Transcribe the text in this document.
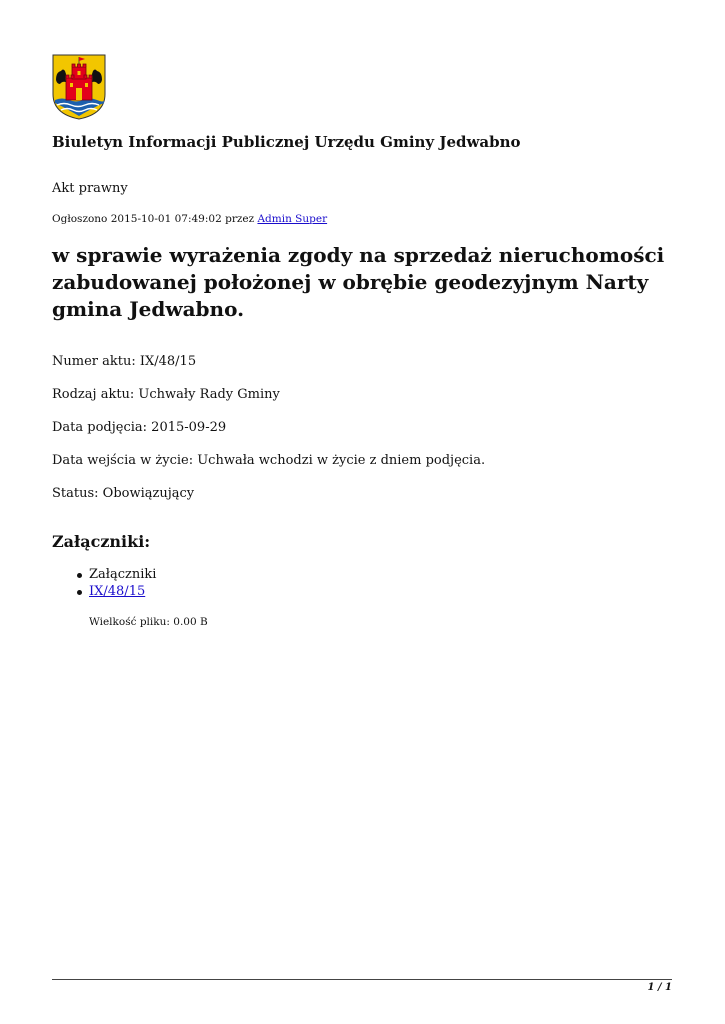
Biuletyn Informacji Publicznej Urzędu Gminy Jedwabno
Akt prawny
Ogłoszono 2015-10-01 07:49:02 przez Admin Super
w sprawie wyrażenia zgody na sprzedaż nieruchomości zabudowanej położonej w obrębie geodezyjnym Narty gmina Jedwabno.
Numer aktu: IX/48/15
Rodzaj aktu: Uchwały Rady Gminy
Data podjęcia: 2015-09-29
Data wejścia w życie: Uchwała wchodzi w życie z dniem podjęcia.
Status: Obowiązujący
Załączniki:
Załączniki
IX/48/15
Wielkość pliku: 0.00 B
1 / 1
